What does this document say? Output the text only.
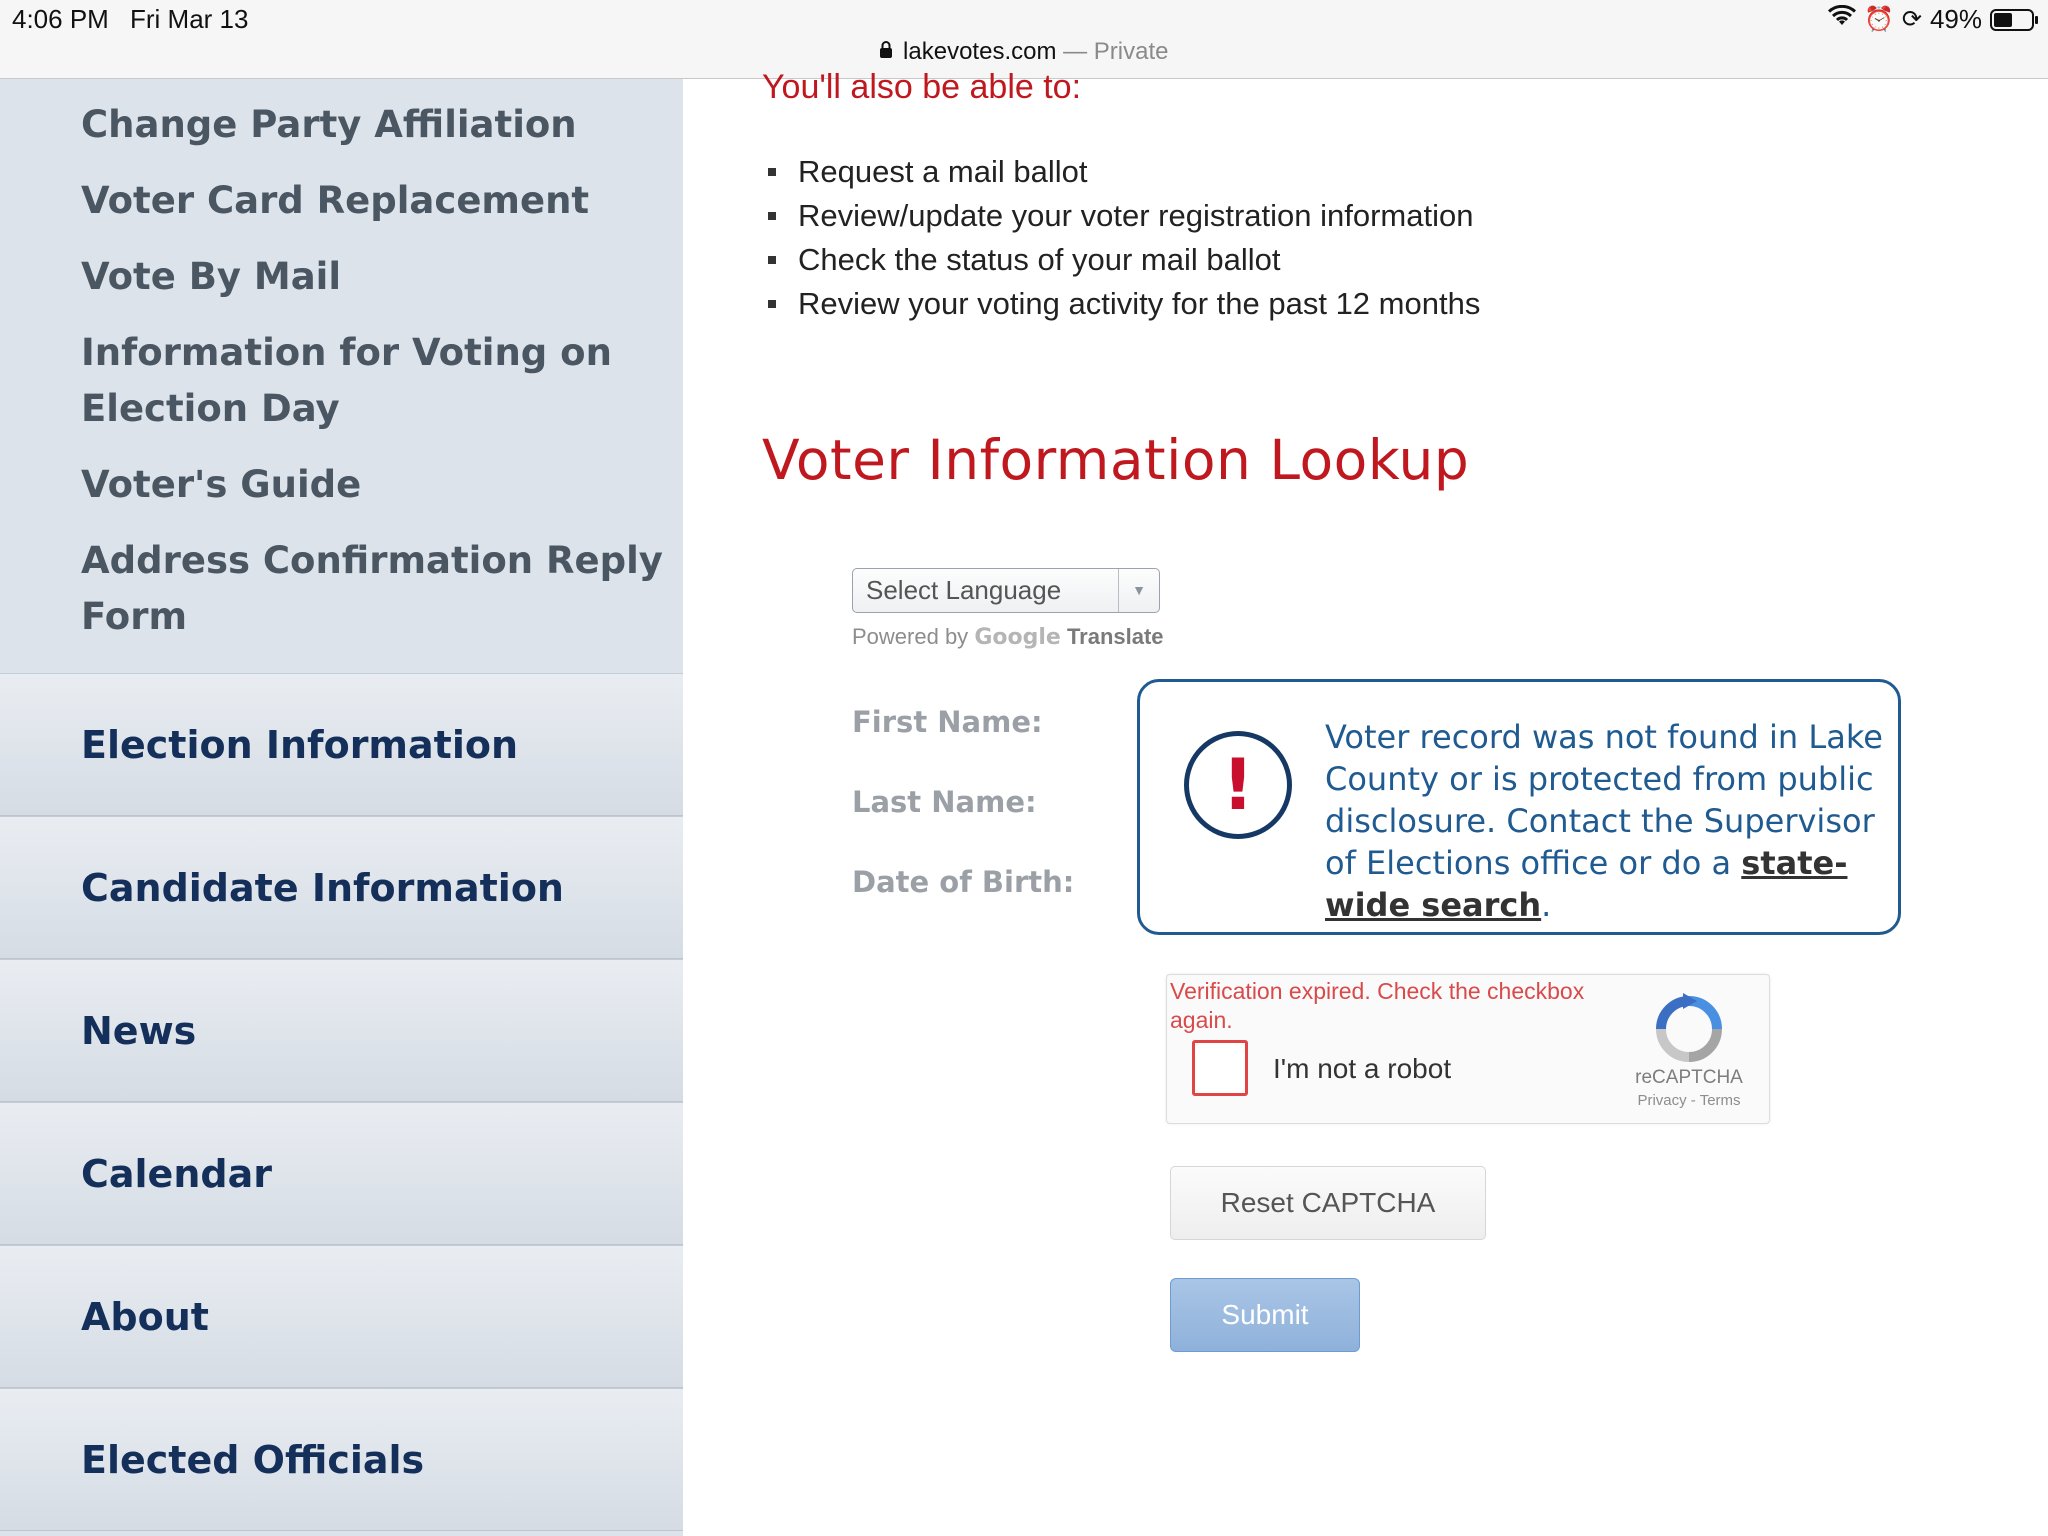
4:06 PM Fri Mar 13	⏰ ⟳ 49%
lakevotes.com — Private
Change Party Affiliation
Voter Card Replacement
Vote By Mail
Information for Voting on Election Day
Voter's Guide
Address Confirmation Reply Form
Election Information
Candidate Information
News
Calendar
About
Elected Officials
You'll also be able to:
Request a mail ballot
Review/update your voter registration information
Check the status of your mail ballot
Review your voting activity for the past 12 months
Voter Information Lookup
Select Language	▼
Powered by Google Translate
First Name:
Last Name:
Date of Birth:
!
Voter record was not found in Lake County or is protected from public disclosure. Contact the Supervisor of Elections office or do a state-wide search.
Verification expired. Check the checkbox again.
I'm not a robot	reCAPTCHA
Privacy - Terms
Reset CAPTCHA
Submit
